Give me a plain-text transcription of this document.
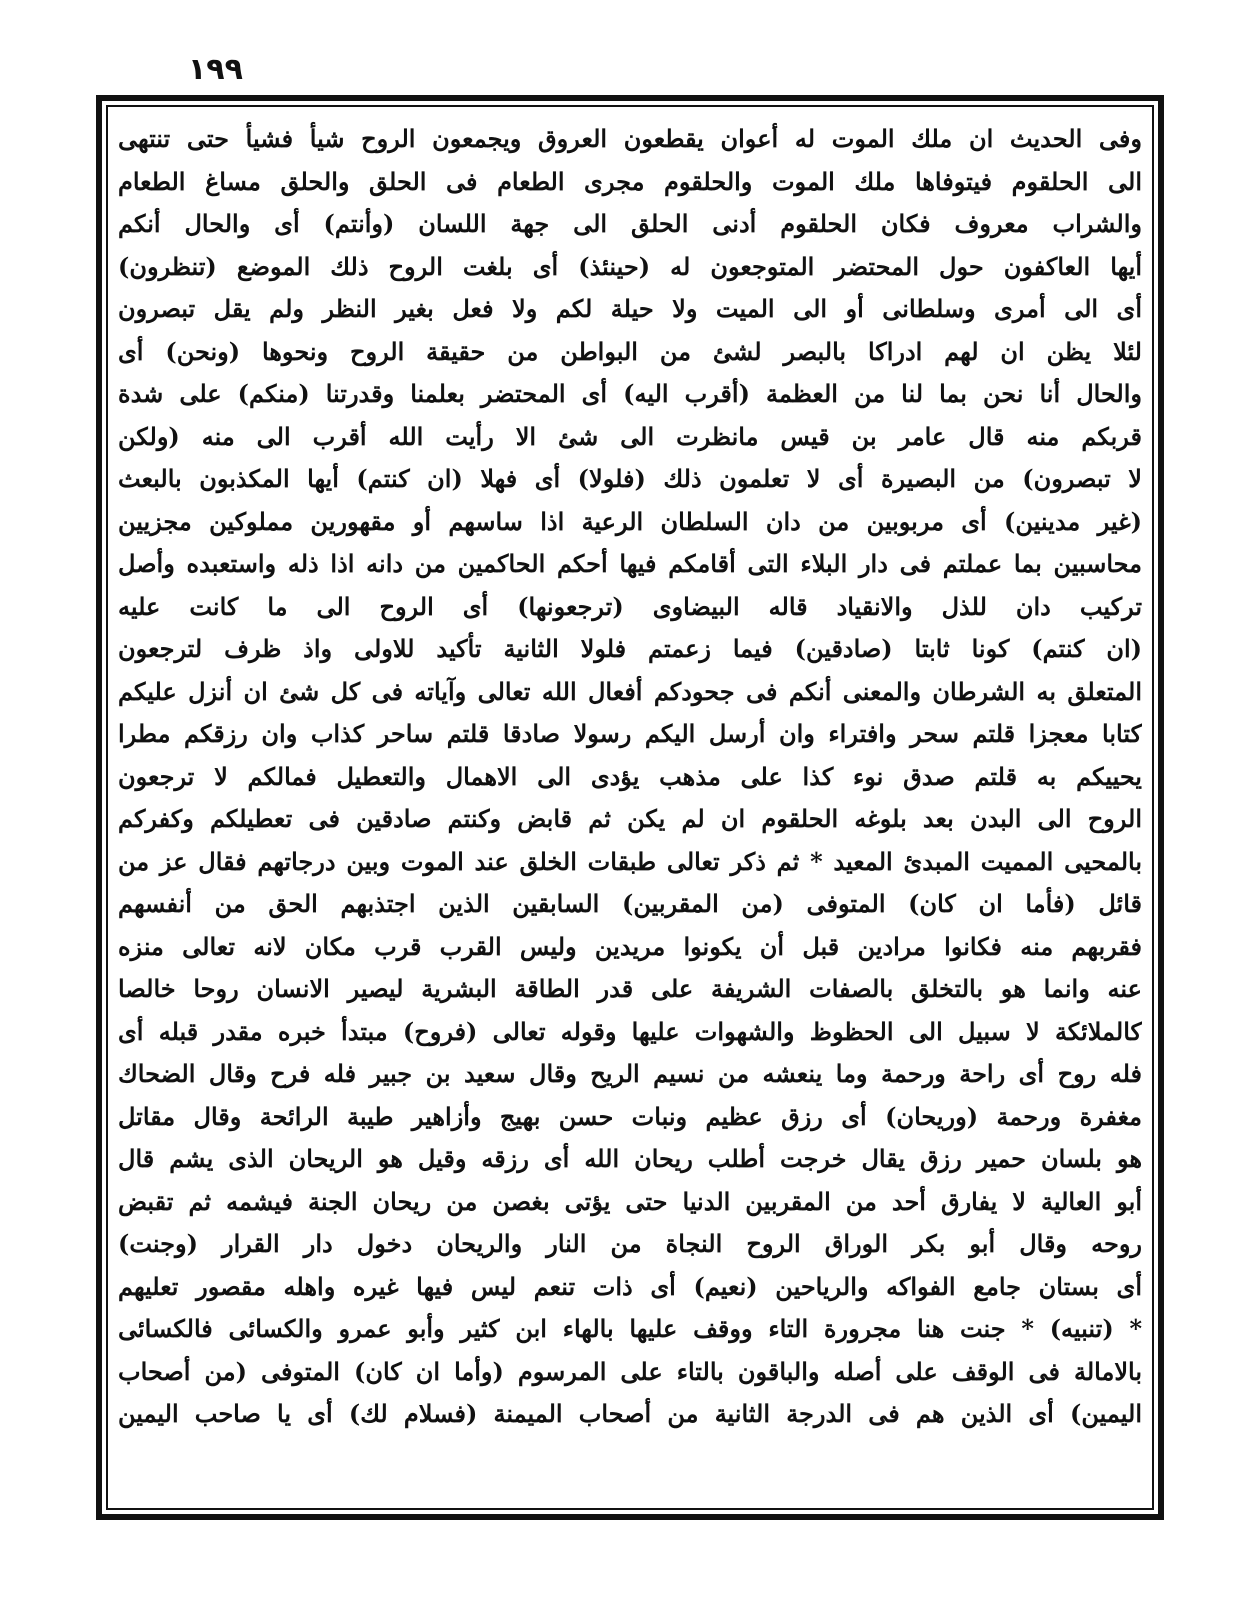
١٩٩
وفى الحديث ان ملك الموت له أعوان يقطعون العروق ويجمعون الروح شيأ فشيأ حتى تنتهى
الى الحلقوم فيتوفاها ملك الموت والحلقوم مجرى الطعام فى الحلق والحلق مساغ الطعام
والشراب معروف فكان الحلقوم أدنى الحلق الى جهة اللسان (وأنتم) أى والحال أنكم
أيها العاكفون حول المحتضر المتوجعون له (حينئذ) أى بلغت الروح ذلك الموضع (تنظرون)
أى الى أمرى وسلطانى أو الى الميت ولا حيلة لكم ولا فعل بغير النظر ولم يقل تبصرون
لئلا يظن ان لهم ادراكا بالبصر لشئ من البواطن من حقيقة الروح ونحوها (ونحن) أى
والحال أنا نحن بما لنا من العظمة (أقرب اليه) أى المحتضر بعلمنا وقدرتنا (منكم) على شدة
قربكم منه قال عامر بن قيس مانظرت الى شئ الا رأيت الله أقرب الى منه (ولكن
لا تبصرون) من البصيرة أى لا تعلمون ذلك (فلولا) أى فهلا (ان كنتم) أيها المكذبون بالبعث
(غير مدينين) أى مربوبين من دان السلطان الرعية اذا ساسهم أو مقهورين مملوكين مجزيين
محاسبين بما عملتم فى دار البلاء التى أقامكم فيها أحكم الحاكمين من دانه اذا ذله واستعبده وأصل
تركيب دان للذل والانقياد قاله البيضاوى (ترجعونها) أى الروح الى ما كانت عليه
(ان كنتم) كونا ثابتا (صادقين) فيما زعمتم فلولا الثانية تأكيد للاولى واذ ظرف لترجعون
المتعلق به الشرطان والمعنى أنكم فى جحودكم أفعال الله تعالى وآياته فى كل شئ ان أنزل عليكم
كتابا معجزا قلتم سحر وافتراء وان أرسل اليكم رسولا صادقا قلتم ساحر كذاب وان رزقكم مطرا
يحييكم به قلتم صدق نوء كذا على مذهب يؤدى الى الاهمال والتعطيل فمالكم لا ترجعون
الروح الى البدن بعد بلوغه الحلقوم ان لم يكن ثم قابض وكنتم صادقين فى تعطيلكم وكفركم
بالمحيى المميت المبدئ المعيد * ثم ذكر تعالى طبقات الخلق عند الموت وبين درجاتهم فقال عز من
قائل (فأما ان كان) المتوفى (من المقربين) السابقين الذين اجتذبهم الحق من أنفسهم
فقربهم منه فكانوا مرادين قبل أن يكونوا مريدين وليس القرب قرب مكان لانه تعالى منزه
عنه وانما هو بالتخلق بالصفات الشريفة على قدر الطاقة البشرية ليصير الانسان روحا خالصا
كالملائكة لا سبيل الى الحظوظ والشهوات عليها وقوله تعالى (فروح) مبتدأ خبره مقدر قبله أى
فله روح أى راحة ورحمة وما ينعشه من نسيم الريح وقال سعيد بن جبير فله فرح وقال الضحاك
مغفرة ورحمة (وريحان) أى رزق عظيم ونبات حسن بهيج وأزاهير طيبة الرائحة وقال مقاتل
هو بلسان حمير رزق يقال خرجت أطلب ريحان الله أى رزقه وقيل هو الريحان الذى يشم قال
أبو العالية لا يفارق أحد من المقربين الدنيا حتى يؤتى بغصن من ريحان الجنة فيشمه ثم تقبض
روحه وقال أبو بكر الوراق الروح النجاة من النار والريحان دخول دار القرار (وجنت)
أى بستان جامع الفواكه والرياحين (نعيم) أى ذات تنعم ليس فيها غيره واهله مقصور تعليهم
* (تنبيه) * جنت هنا مجرورة التاء ووقف عليها بالهاء ابن كثير وأبو عمرو والكسائى فالكسائى
بالامالة فى الوقف على أصله والباقون بالتاء على المرسوم (وأما ان كان) المتوفى (من أصحاب
اليمين) أى الذين هم فى الدرجة الثانية من أصحاب الميمنة (فسلام لك) أى يا صاحب اليمين
